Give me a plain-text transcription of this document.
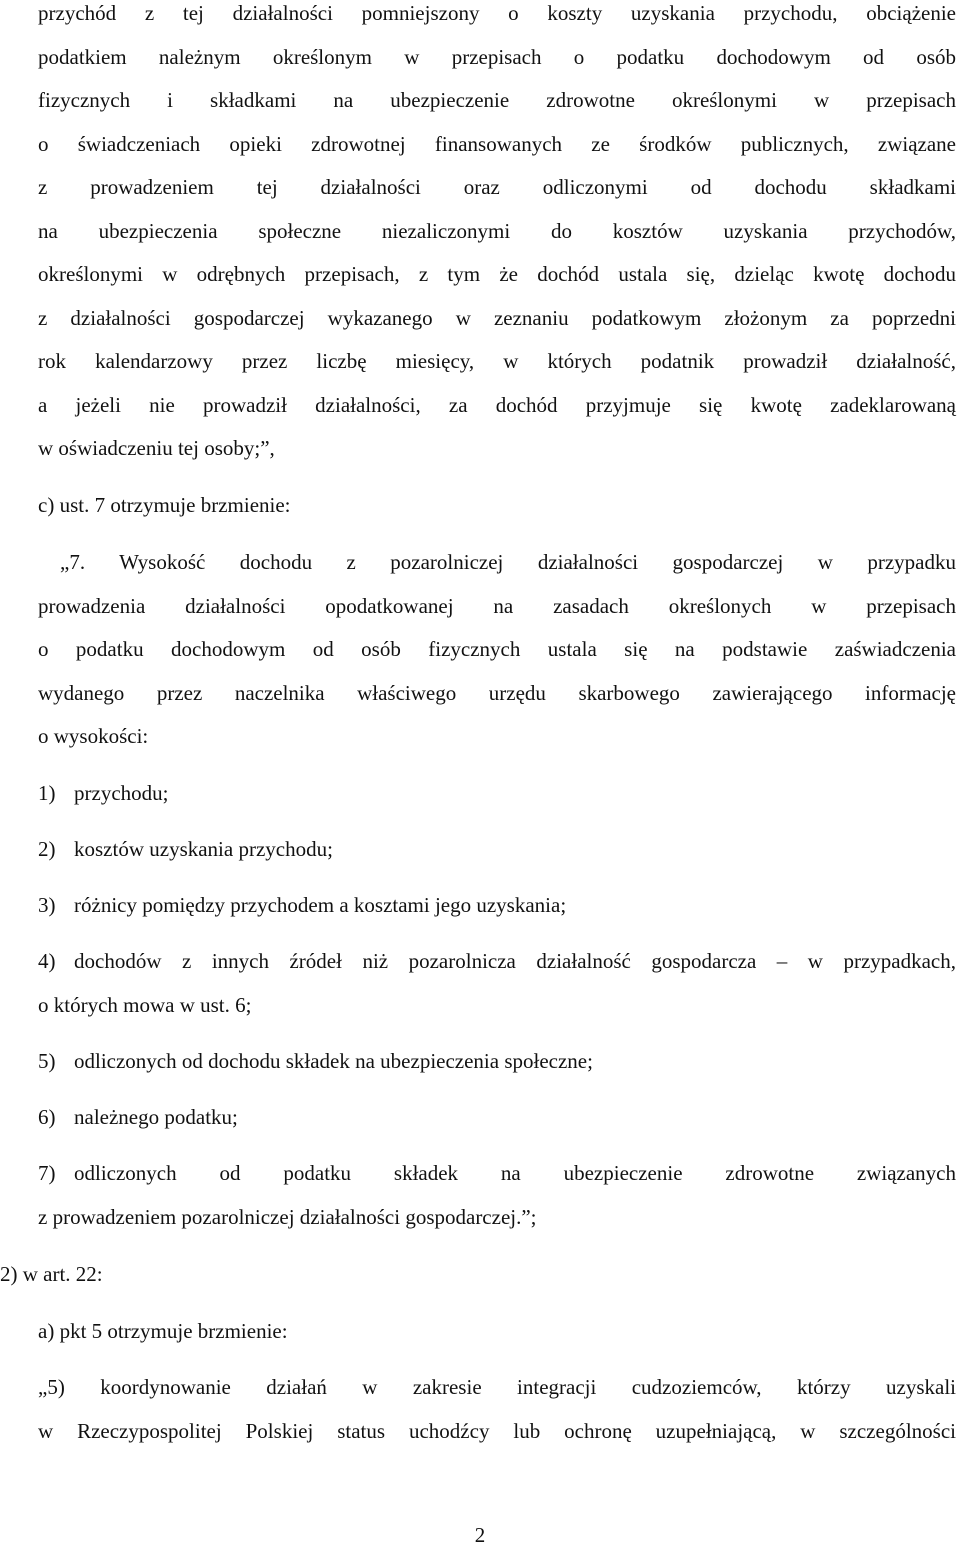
przychód z tej działalności pomniejszony o koszty uzyskania przychodu, obciążenie
podatkiem należnym określonym w przepisach o podatku dochodowym od osób
fizycznych i składkami na ubezpieczenie zdrowotne określonymi w przepisach
o świadczeniach opieki zdrowotnej finansowanych ze środków publicznych, związane
z prowadzeniem tej działalności oraz odliczonymi od dochodu składkami
na ubezpieczenia społeczne niezaliczonymi do kosztów uzyskania przychodów,
określonymi w odrębnych przepisach, z tym że dochód ustala się, dzieląc kwotę dochodu
z działalności gospodarczej wykazanego w zeznaniu podatkowym złożonym za poprzedni
rok kalendarzowy przez liczbę miesięcy, w których podatnik prowadził działalność,
a jeżeli nie prowadził działalności, za dochód przyjmuje się kwotę zadeklarowaną
w oświadczeniu tej osoby;”,
c) ust. 7 otrzymuje brzmienie:
„7. Wysokość dochodu z pozarolniczej działalności gospodarczej w przypadku
prowadzenia działalności opodatkowanej na zasadach określonych w przepisach
o podatku dochodowym od osób fizycznych ustala się na podstawie zaświadczenia
wydanego przez naczelnika właściwego urzędu skarbowego zawierającego informację
o wysokości:
1) przychodu;
2) kosztów uzyskania przychodu;
3) różnicy pomiędzy przychodem a kosztami jego uzyskania;
4) dochodów z innych źródeł niż pozarolnicza działalność gospodarcza – w przypadkach,
o których mowa w ust. 6;
5) odliczonych od dochodu składek na ubezpieczenia społeczne;
6) należnego podatku;
7) odliczonych od podatku składek na ubezpieczenie zdrowotne związanych
z prowadzeniem pozarolniczej działalności gospodarczej.”;
2) w art. 22:
a) pkt 5 otrzymuje brzmienie:
„5) koordynowanie działań w zakresie integracji cudzoziemców, którzy uzyskali
w Rzeczypospolitej Polskiej status uchodźcy lub ochronę uzupełniającą, w szczególności
2
